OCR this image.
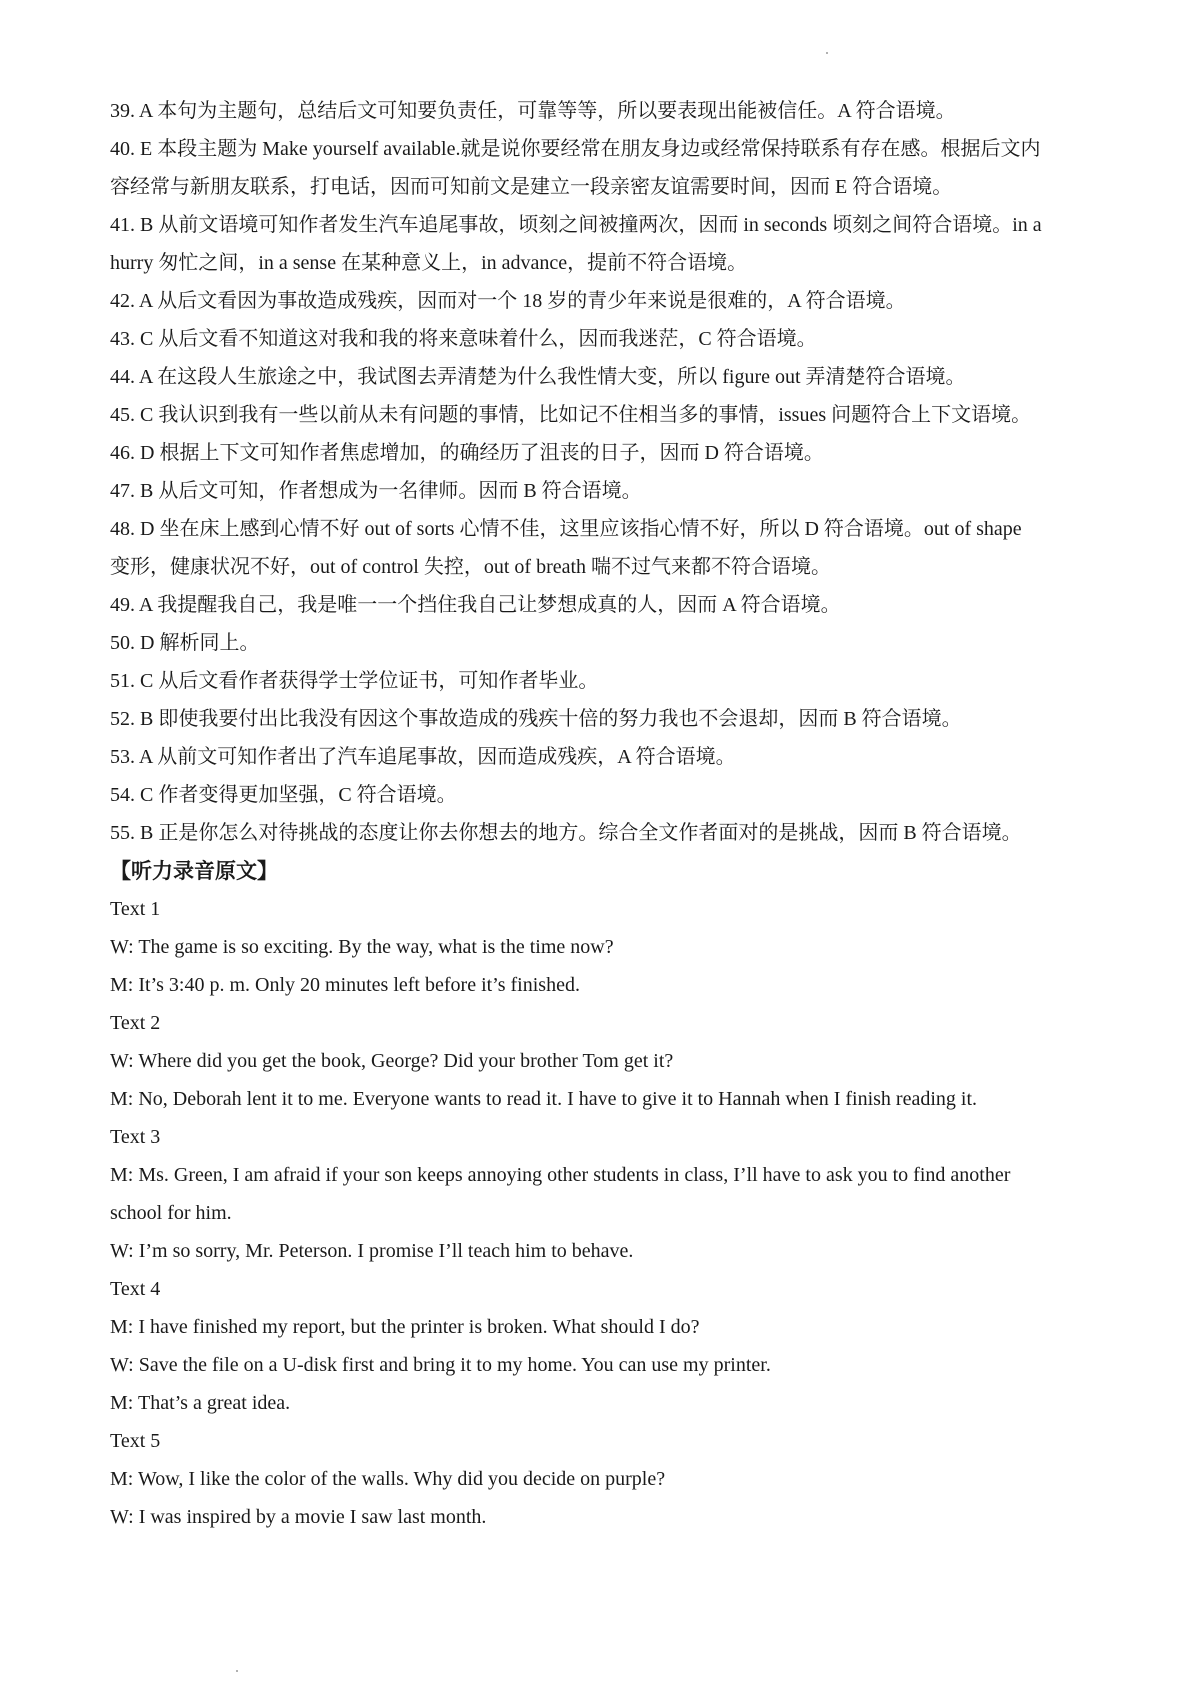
39. A 本句为主题句，总结后文可知要负责任，可靠等等，所以要表现出能被信任。A 符合语境。
40. E 本段主题为 Make yourself available.就是说你要经常在朋友身边或经常保持联系有存在感。根据后文内
容经常与新朋友联系，打电话，因而可知前文是建立一段亲密友谊需要时间，因而 E 符合语境。
41. B 从前文语境可知作者发生汽车追尾事故，顷刻之间被撞两次，因而 in seconds 顷刻之间符合语境。in a
hurry 匆忙之间，in a sense 在某种意义上，in advance，提前不符合语境。
42. A 从后文看因为事故造成残疾，因而对一个 18 岁的青少年来说是很难的，A 符合语境。
43. C 从后文看不知道这对我和我的将来意味着什么，因而我迷茫，C 符合语境。
44. A 在这段人生旅途之中，我试图去弄清楚为什么我性情大变，所以 figure out 弄清楚符合语境。
45. C 我认识到我有一些以前从未有问题的事情，比如记不住相当多的事情，issues 问题符合上下文语境。
46. D 根据上下文可知作者焦虑增加，的确经历了沮丧的日子，因而 D 符合语境。
47. B 从后文可知，作者想成为一名律师。因而 B 符合语境。
48. D 坐在床上感到心情不好 out of sorts 心情不佳，这里应该指心情不好，所以 D 符合语境。out of shape
变形，健康状况不好，out of control 失控，out of breath 喘不过气来都不符合语境。
49. A 我提醒我自己，我是唯一一个挡住我自己让梦想成真的人，因而 A 符合语境。
50. D 解析同上。
51. C 从后文看作者获得学士学位证书，可知作者毕业。
52. B 即使我要付出比我没有因这个事故造成的残疾十倍的努力我也不会退却，因而 B 符合语境。
53. A 从前文可知作者出了汽车追尾事故，因而造成残疾，A 符合语境。
54. C 作者变得更加坚强，C 符合语境。
55. B 正是你怎么对待挑战的态度让你去你想去的地方。综合全文作者面对的是挑战，因而 B 符合语境。
【听力录音原文】
Text 1
W: The game is so exciting. By the way, what is the time now?
M: It’s 3:40 p. m. Only 20 minutes left before it’s finished.
Text 2
W: Where did you get the book, George? Did your brother Tom get it?
M: No, Deborah lent it to me. Everyone wants to read it. I have to give it to Hannah when I finish reading it.
Text 3
M: Ms. Green, I am afraid if your son keeps annoying other students in class, I’ll have to ask you to find another
school for him.
W: I’m so sorry, Mr. Peterson. I promise I’ll teach him to behave.
Text 4
M: I have finished my report, but the printer is broken. What should I do?
W: Save the file on a U-disk first and bring it to my home. You can use my printer.
M: That’s a great idea.
Text 5
M: Wow, I like the color of the walls. Why did you decide on purple?
W: I was inspired by a movie I saw last month.
